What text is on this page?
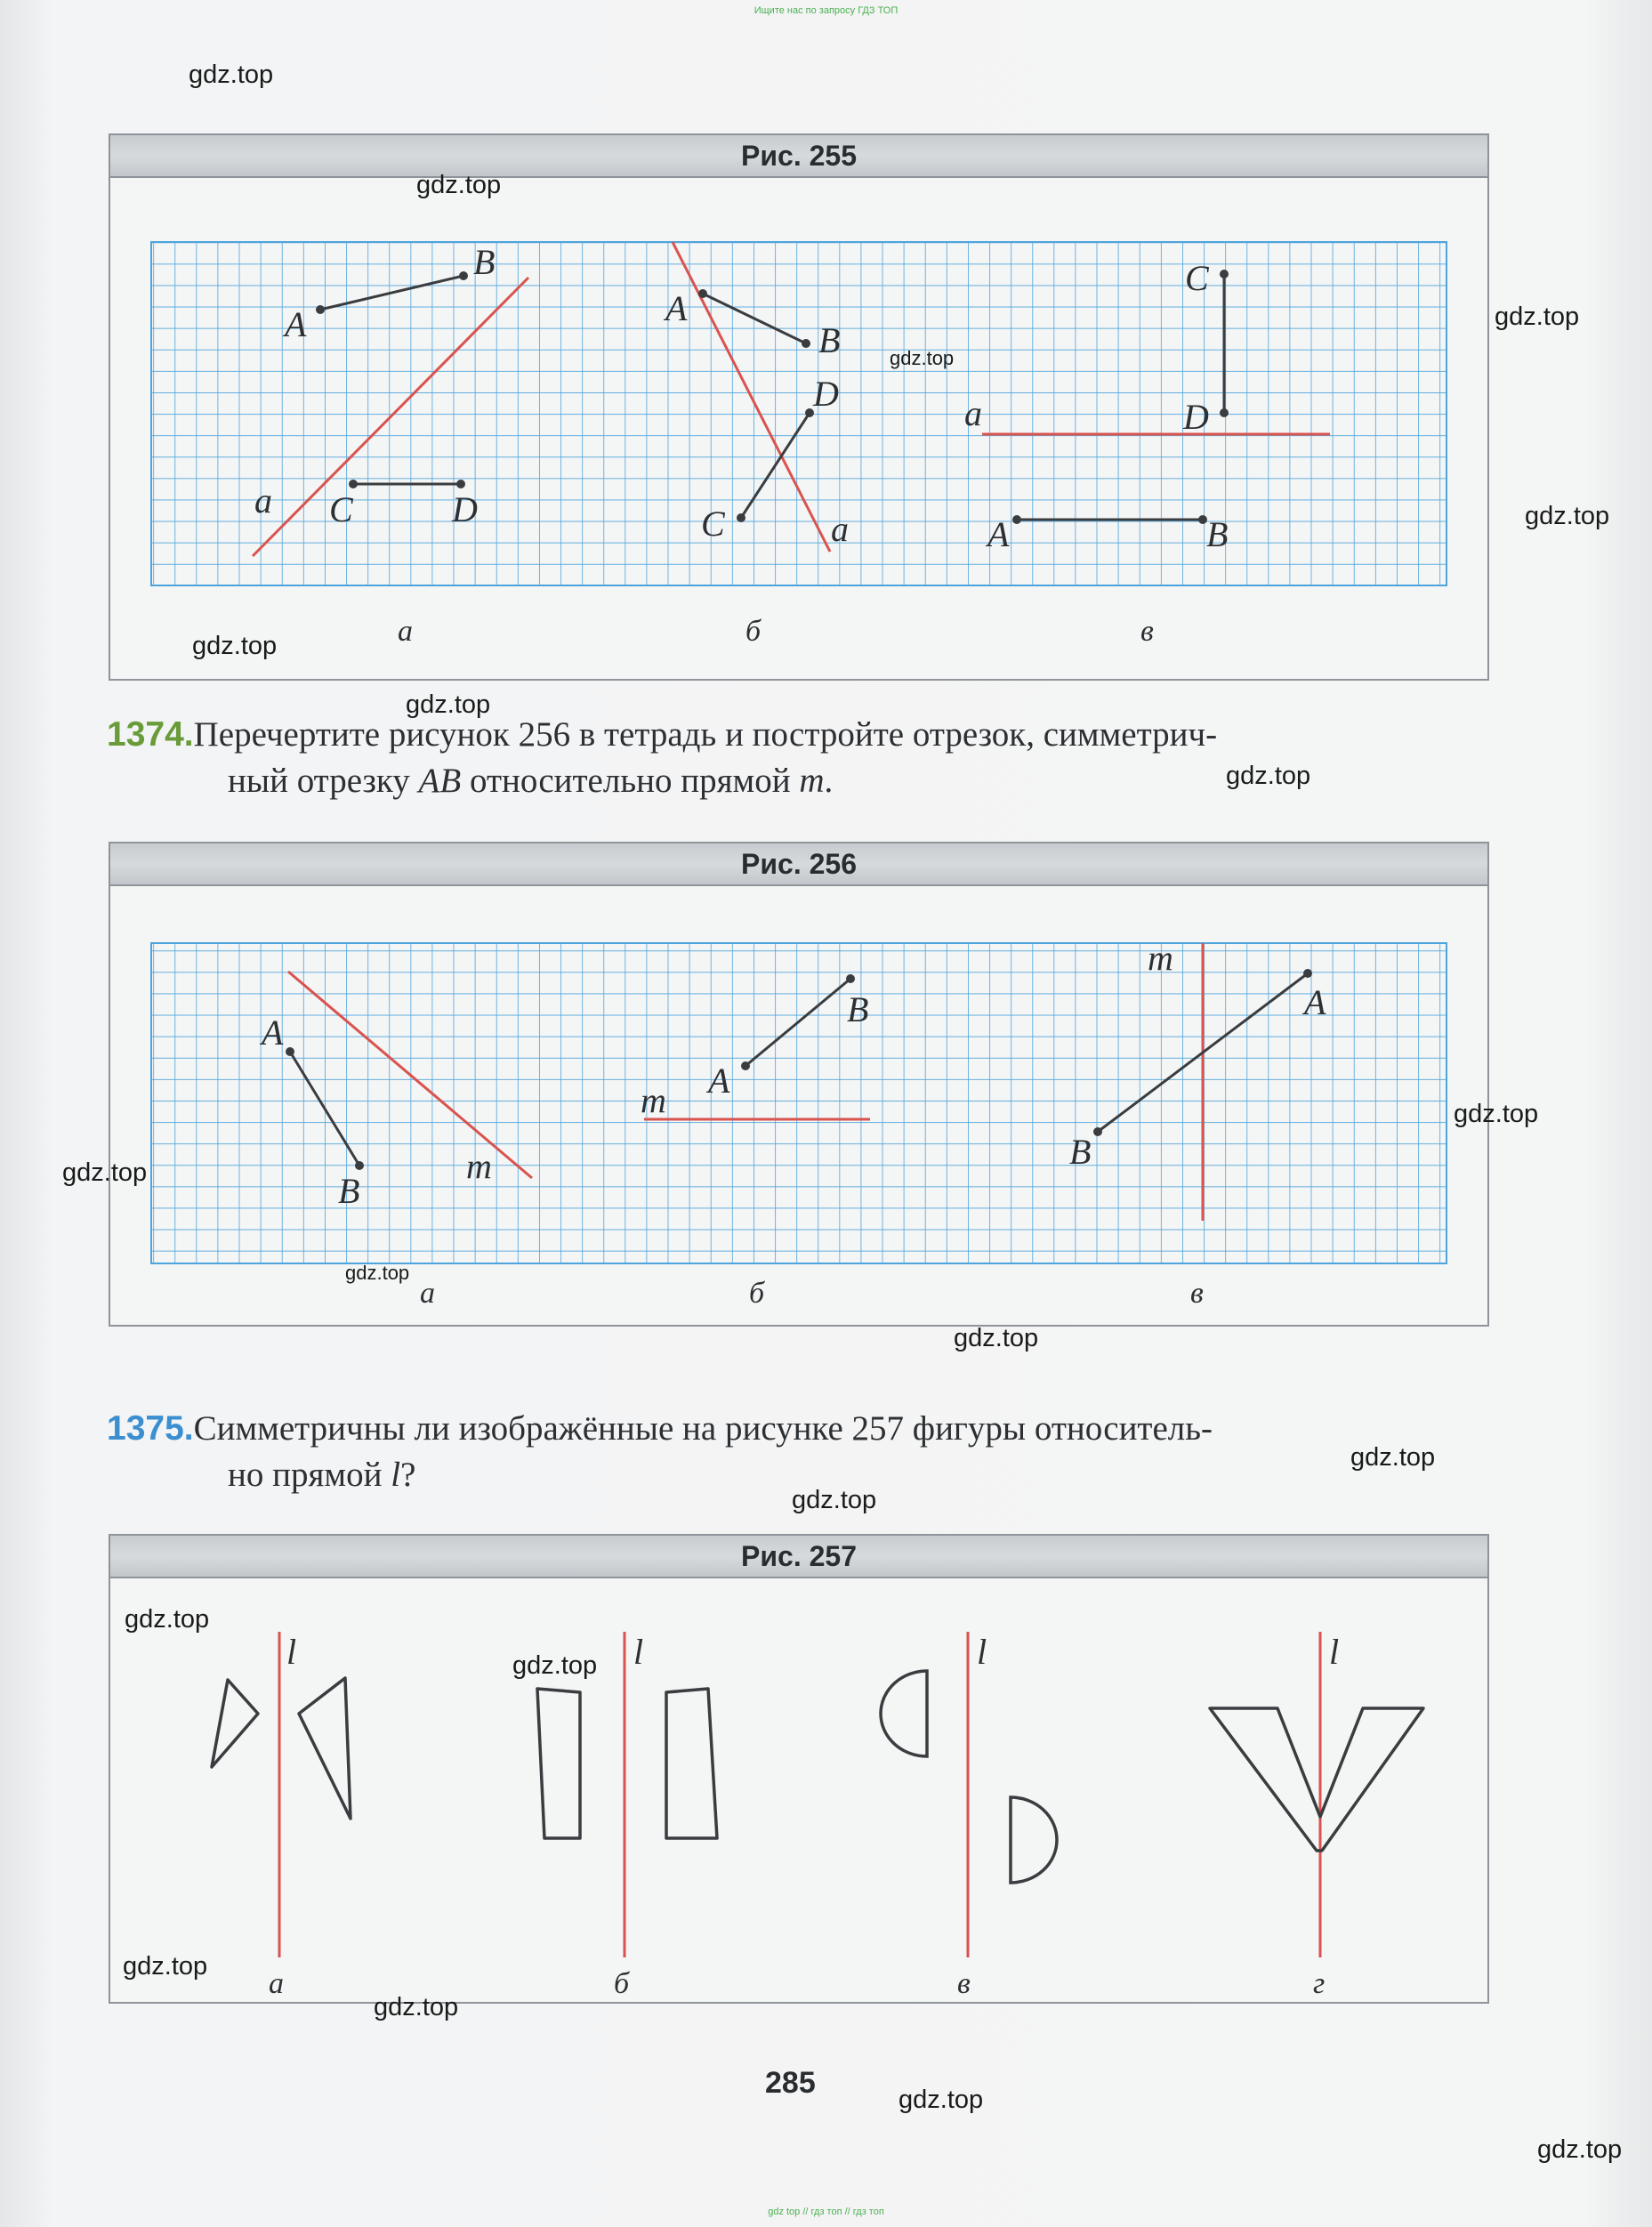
Ищите нас по запросу ГДЗ ТОП
Рис. 255
A
B
C	D
a
а
A
B
C
D
a
б
A	B
C
D
a
в
1374.Перечертите рисунок 256 в тетрадь и постройте отрезок, симметрич-
ный отрезку AB относительно прямой m.
Рис. 256
A
B
m
а
A
B
m
б
A
B
m
в
1375.Симметричны ли изображённые на рисунке 257 фигуры относитель-
но прямой l?
Рис. 257
l
а
l
б
l
в
l
г
285
gdz.top
gdz.top
gdz.top
gdz.top
gdz.top
gdz.top
gdz.top
gdz.top
gdz.top
gdz.top
gdz.top
gdz.top
gdz.top
gdz.top
gdz.top
gdz.top
gdz.top
gdz.top
gdz.top
gdz.top
gdz top // гдз топ // гдз топ
